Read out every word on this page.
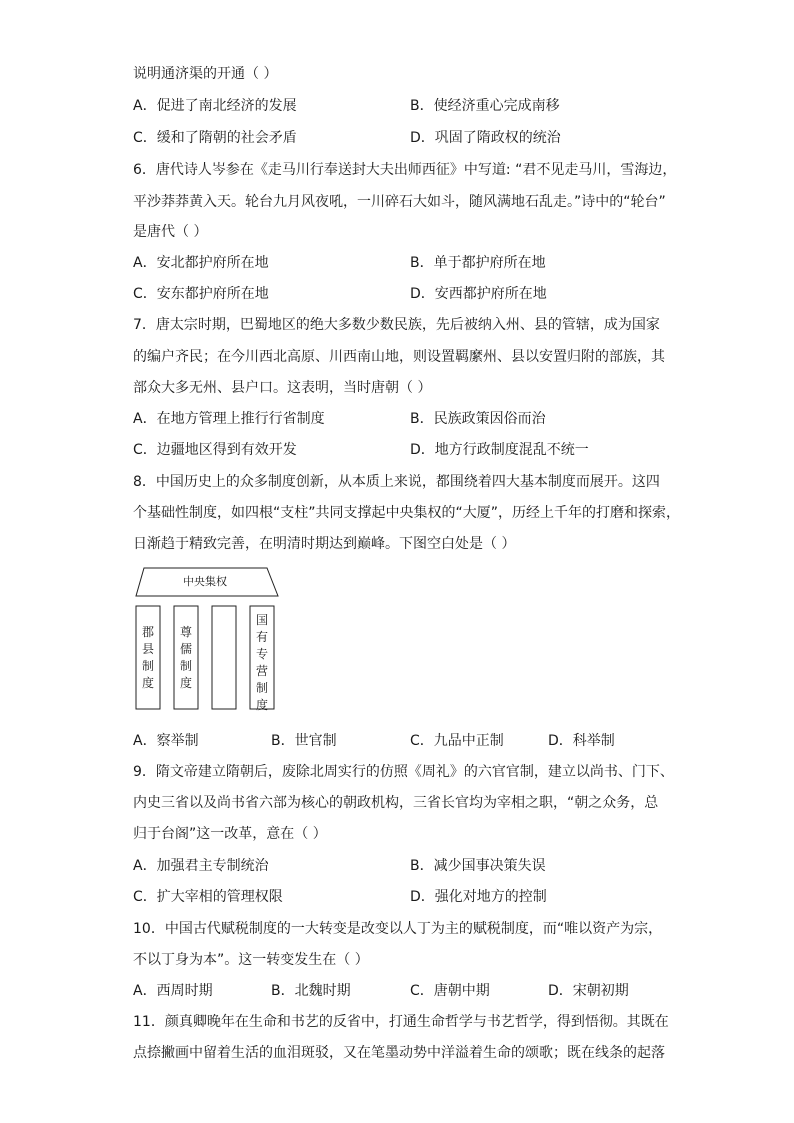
说明通济渠的开通（ ）
A．促进了南北经济的发展	B．使经济重心完成南移
C．缓和了隋朝的社会矛盾	D．巩固了隋政权的统治
6．唐代诗人岑参在《走马川行奉送封大夫出师西征》中写道: “君不见走马川，雪海边，
平沙莽莽黄入天。轮台九月风夜吼，一川碎石大如斗，随风满地石乱走。”诗中的“轮台”
是唐代（ ）
A．安北都护府所在地	B．单于都护府所在地
C．安东都护府所在地	D．安西都护府所在地
7．唐太宗时期，巴蜀地区的绝大多数少数民族，先后被纳入州、县的管辖，成为国家
的编户齐民；在今川西北高原、川西南山地，则设置羁縻州、县以安置归附的部族，其
部众大多无州、县户口。这表明，当时唐朝（ ）
A．在地方管理上推行行省制度	B．民族政策因俗而治
C．边疆地区得到有效开发	D．地方行政制度混乱不统一
8．中国历史上的众多制度创新，从本质上来说，都围绕着四大基本制度而展开。这四
个基础性制度，如四根“支柱”共同支撑起中央集权的“大厦”，历经上千年的打磨和探索，
日渐趋于精致完善，在明清时期达到巅峰。下图空白处是（ ）
中央集权
郡县制度
尊儒制度
国有专营制度
A．察举制	B．世官制	C．九品中正制	D．科举制
9．隋文帝建立隋朝后，废除北周实行的仿照《周礼》的六官官制，建立以尚书、门下、
内史三省以及尚书省六部为核心的朝政机构，三省长官均为宰相之职，“朝之众务，总
归于台阁”这一改革，意在（ ）
A．加强君主专制统治	B．减少国事决策失误
C．扩大宰相的管理权限	D．强化对地方的控制
10．中国古代赋税制度的一大转变是改变以人丁为主的赋税制度，而“唯以资产为宗，
不以丁身为本”。这一转变发生在（ ）
A．西周时期	B．北魏时期	C．唐朝中期	D．宋朝初期
11．颜真卿晚年在生命和书艺的反省中，打通生命哲学与书艺哲学，得到悟彻。其既在
点捺撇画中留着生活的血泪斑驳，又在笔墨动势中洋溢着生命的颂歌；既在线条的起落
